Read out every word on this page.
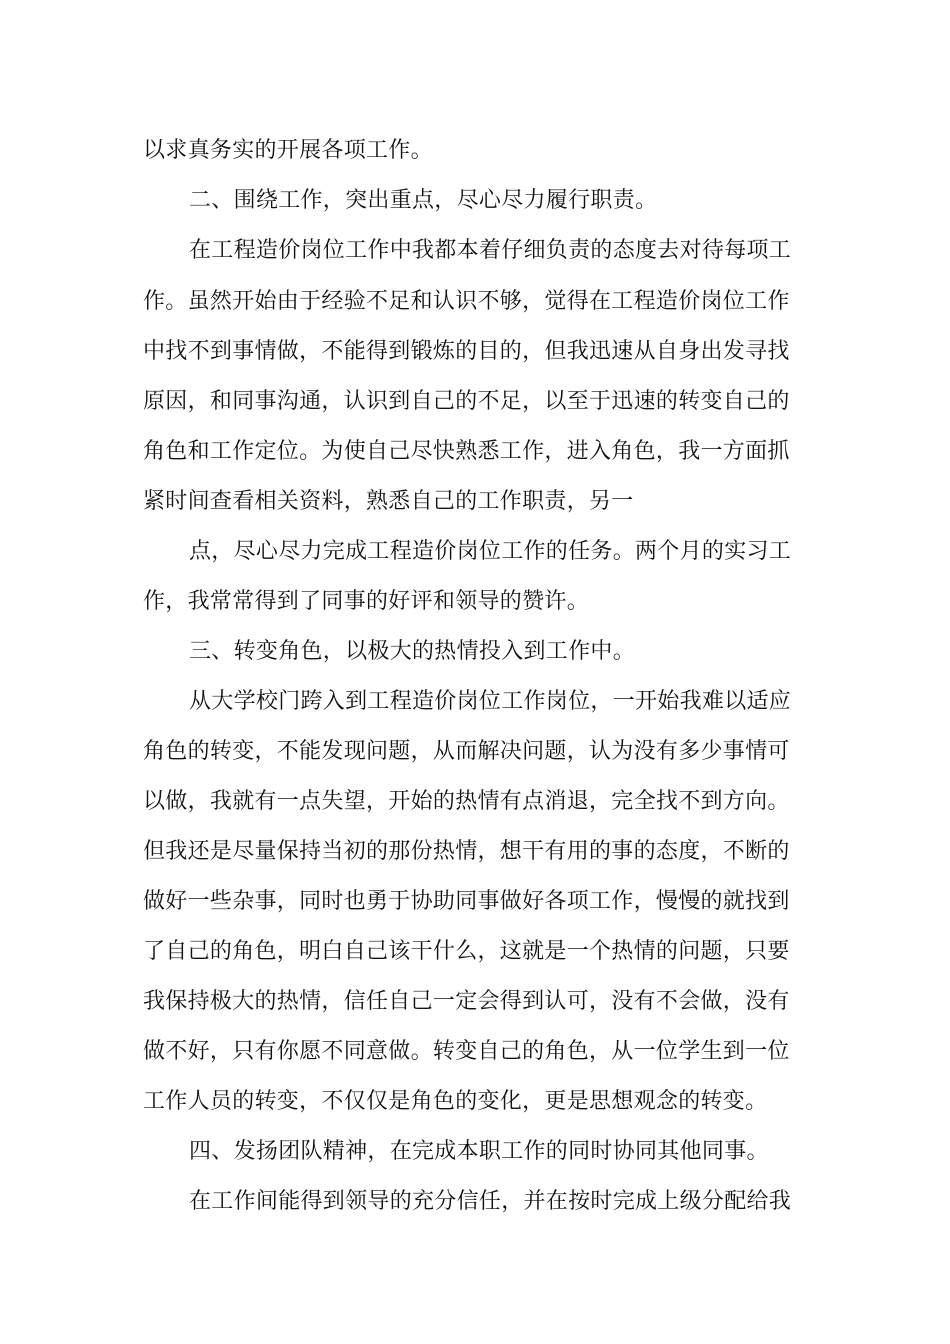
以求真务实的开展各项工作。
二、围绕工作，突出重点，尽心尽力履行职责。
在工程造价岗位工作中我都本着仔细负责的态度去对待每项工
作。虽然开始由于经验不足和认识不够，觉得在工程造价岗位工作
中找不到事情做，不能得到锻炼的目的，但我迅速从自身出发寻找
原因，和同事沟通，认识到自己的不足，以至于迅速的转变自己的
角色和工作定位。为使自己尽快熟悉工作，进入角色，我一方面抓
紧时间查看相关资料，熟悉自己的工作职责，另一
点，尽心尽力完成工程造价岗位工作的任务。两个月的实习工
作，我常常得到了同事的好评和领导的赞许。
三、转变角色，以极大的热情投入到工作中。
从大学校门跨入到工程造价岗位工作岗位，一开始我难以适应
角色的转变，不能发现问题，从而解决问题，认为没有多少事情可
以做，我就有一点失望，开始的热情有点消退，完全找不到方向。
但我还是尽量保持当初的那份热情，想干有用的事的态度，不断的
做好一些杂事，同时也勇于协助同事做好各项工作，慢慢的就找到
了自己的角色，明白自己该干什么，这就是一个热情的问题，只要
我保持极大的热情，信任自己一定会得到认可，没有不会做，没有
做不好，只有你愿不同意做。转变自己的角色，从一位学生到一位
工作人员的转变，不仅仅是角色的变化，更是思想观念的转变。
四、发扬团队精神，在完成本职工作的同时协同其他同事。
在工作间能得到领导的充分信任，并在按时完成上级分配给我
